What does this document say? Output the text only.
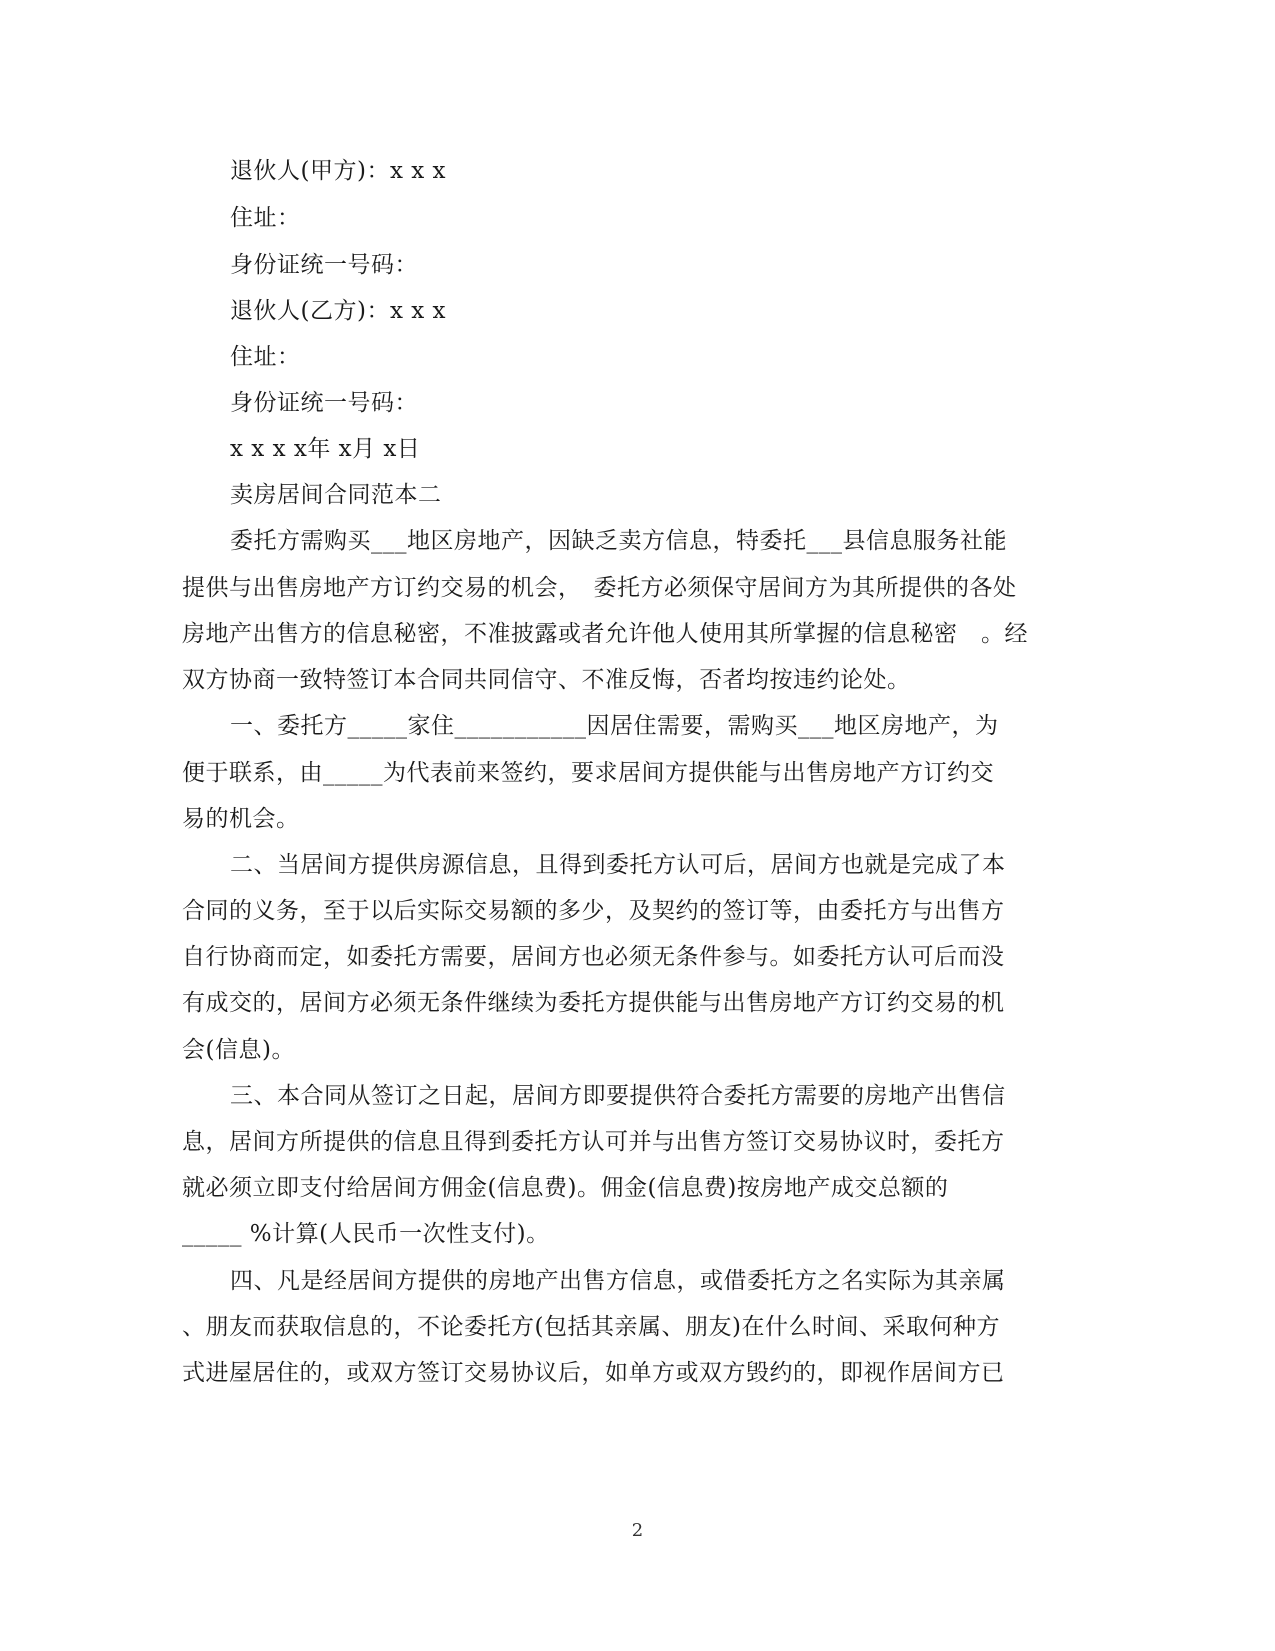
退伙人(甲方)：x x x
住址：
身份证统一号码：
退伙人(乙方)：x x x
住址：
身份证统一号码：
x x x x年 x月 x日
卖房居间合同范本二
委托方需购买___地区房地产，因缺乏卖方信息，特委托___县信息服务社能
提供与出售房地产方订约交易的机会，　委托方必须保守居间方为其所提供的各处
房地产出售方的信息秘密，不准披露或者允许他人使用其所掌握的信息秘密　。经
双方协商一致特签订本合同共同信守、不准反悔，否者均按违约论处。
一、委托方_____家住___________因居住需要，需购买___地区房地产，为
便于联系，由_____为代表前来签约，要求居间方提供能与出售房地产方订约交
易的机会。
二、当居间方提供房源信息，且得到委托方认可后，居间方也就是完成了本
合同的义务，至于以后实际交易额的多少，及契约的签订等，由委托方与出售方
自行协商而定，如委托方需要，居间方也必须无条件参与。如委托方认可后而没
有成交的，居间方必须无条件继续为委托方提供能与出售房地产方订约交易的机
会(信息)。
三、本合同从签订之日起，居间方即要提供符合委托方需要的房地产出售信
息，居间方所提供的信息且得到委托方认可并与出售方签订交易协议时，委托方
就必须立即支付给居间方佣金(信息费)。佣金(信息费)按房地产成交总额的
_____ %计算(人民币一次性支付)。
四、凡是经居间方提供的房地产出售方信息，或借委托方之名实际为其亲属
、朋友而获取信息的，不论委托方(包括其亲属、朋友)在什么时间、采取何种方
式进屋居住的，或双方签订交易协议后，如单方或双方毁约的，即视作居间方已
2
